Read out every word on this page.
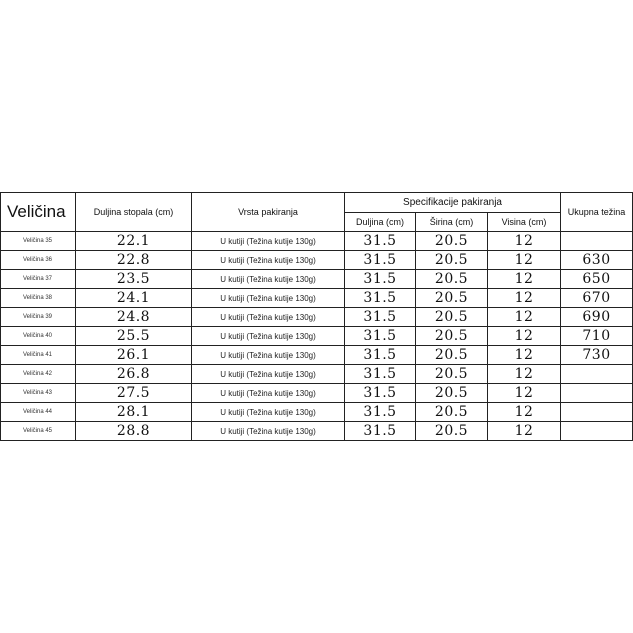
Veličina	Duljina stopala (cm)	Vrsta pakiranja	Specifikacije pakiranja			Ukupna težina
			Duljina (cm)	Širina (cm)	Visina (cm)	
Veličina 35	22.1	U kutiji (Težina kutije 130g)	31.5	20.5	12	
Veličina 36	22.8	U kutiji (Težina kutije 130g)	31.5	20.5	12	630
Veličina 37	23.5	U kutiji (Težina kutije 130g)	31.5	20.5	12	650
Veličina 38	24.1	U kutiji (Težina kutije 130g)	31.5	20.5	12	670
Veličina 39	24.8	U kutiji (Težina kutije 130g)	31.5	20.5	12	690
Veličina 40	25.5	U kutiji (Težina kutije 130g)	31.5	20.5	12	710
Veličina 41	26.1	U kutiji (Težina kutije 130g)	31.5	20.5	12	730
Veličina 42	26.8	U kutiji (Težina kutije 130g)	31.5	20.5	12	
Veličina 43	27.5	U kutiji (Težina kutije 130g)	31.5	20.5	12	
Veličina 44	28.1	U kutiji (Težina kutije 130g)	31.5	20.5	12	
Veličina 45	28.8	U kutiji (Težina kutije 130g)	31.5	20.5	12	
